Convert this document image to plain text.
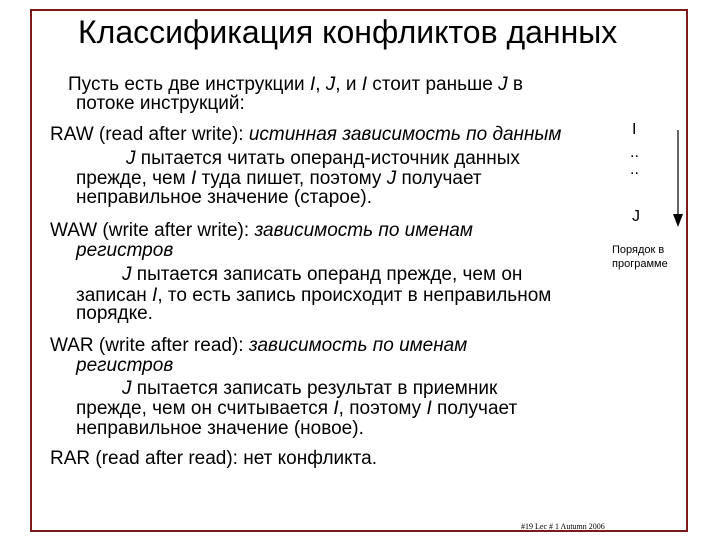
Классификация конфликтов данных
Пусть есть две инструкции I, J, и I стоит раньше J в
потоке инструкций:
RAW (read after write): истинная зависимость по данным
J пытается читать операнд-источник данных
прежде, чем I туда пишет, поэтому J получает
неправильное значение (старое).
WAW (write after write): зависимость по именам
регистров
J пытается записать операнд прежде, чем он
записан I, то есть запись происходит в неправильном
порядке.
WAR (write after read): зависимость по именам
регистров
J пытается записать результат в приемник
прежде, чем он считывается I, поэтому I получает
неправильное значение (новое).
RAR (read after read): нет конфликта.
I
..
..
J
Порядок в
программе
#19 Lec # 1 Autumn 2006
